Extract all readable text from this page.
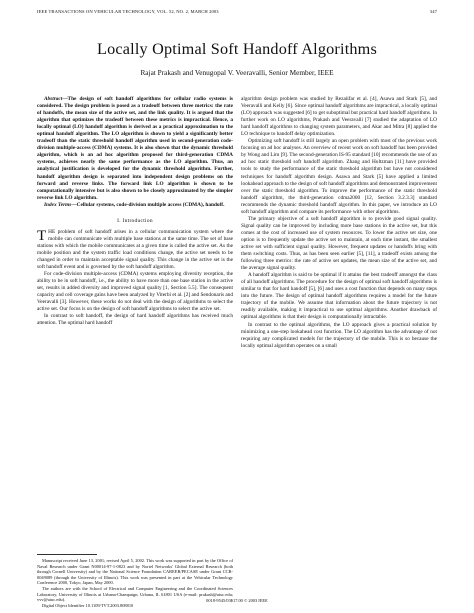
IEEE TRANSACTIONS ON VEHICULAR TECHNOLOGY, VOL. 52, NO. 2, MARCH 2003	347
Locally Optimal Soft Handoff Algorithms
Rajat Prakash and Venugopal V. Veeravalli, Senior Member, IEEE

Abstract—The design of soft handoff algorithms for cellular radio systems is considered. The design problem is posed as a tradeoff between three metrics: the rate of handoffs, the mean size of the active set, and the link quality. It is argued that the algorithm that optimizes the tradeoff between these metrics is impractical. Hence, a locally optimal (LO) handoff algorithm is derived as a practical approximation to the optimal handoff algorithm. The LO algorithm is shown to yield a significantly better tradeoff than the static threshold handoff algorithm used in second-generation code-division multiple-access (CDMA) systems. It is also shown that the dynamic threshold algorithm, which is an ad hoc algorithm proposed for third-generation CDMA systems, achieves nearly the same performance as the LO algorithm. Thus, an analytical justification is developed for the dynamic threshold algorithm. Further, handoff algorithm design is separated into independent design problems on the forward and reverse links. The forward link LO algorithm is shown to be computationally intensive but is also shown to be closely approximated by the simpler reverse link LO algorithm.

Index Terms—Cellular systems, code-division multiple access (CDMA), handoff.

I. Introduction

THE problem of soft handoff arises in a cellular communication system where the mobile can communicate with multiple base stations at the same time. The set of base stations with which the mobile communicates at a given time is called the active set. As the mobile position and the system traffic load conditions change, the active set needs to be changed in order to maintain acceptable signal quality. This change in the active set is the soft handoff event and is governed by the soft handoff algorithm.

For code-division multiple-access (CDMA) systems employing diversity reception, the ability to be in soft handoff, i.e., the ability to have more than one base station in the active set, results in added diversity and improved signal quality [1, Section 5.5]. The consequent capacity and cell coverage gains have been analyzed by Viterbi et al. [2] and Sendonaris and Veeravalli [3]. However, these works do not deal with the design of algorithms to select the active set. Our focus is on the design of soft handoff algorithms to select the active set.

In contrast to soft handoff, the design of hard handoff algorithms has received much attention. The optimal hard handoff

algorithm design problem was studied by Rezaiifar et al. [4], Asawa and Stark [5], and Veeravalli and Kelly [6]. Since optimal handoff algorithms are impractical, a locally optimal (LO) approach was suggested [6] to get suboptimal but practical hard handoff algorithms. In further work on LO algorithms, Prakash and Veeravalli [7] studied the adaptation of LO hard handoff algorithms to changing system parameters, and Akar and Mitra [8] applied the LO technique to handoff delay optimization.

Optimizing soft handoff is still largely an open problem with most of the previous work focusing on ad hoc analyses. An overview of recent work on soft handoff has been provided by Wong and Lim [9]. The second-generation IS-95 standard [10] recommends the use of an ad hoc static threshold soft handoff algorithm. Zhang and Holtzman [11] have provided tools to study the performance of the static threshold algorithm but have not considered techniques for handoff algorithm design. Asawa and Stark [5] have applied a limited lookahead approach to the design of soft handoff algorithms and demonstrated improvement over the static threshold algorithm. To improve the performance of the static threshold handoff algorithm, the third-generation cdma2000 [12, Section 3.2.3.3] standard recommends the dynamic threshold handoff algorithm. In this paper, we introduce an LO soft handoff algorithm and compare its performance with other algorithms.

The primary objective of a soft handoff algorithm is to provide good signal quality. Signal quality can be improved by including more base stations in the active set, but this comes at the cost of increased use of system resources. To lower the active set size, one option is to frequently update the active set to maintain, at each time instant, the smallest active set with sufficient signal quality. However, frequent updates or handoffs bring with them switching costs. Thus, as has been seen earlier [5], [11], a tradeoff exists among the following three metrics: the rate of active set updates, the mean size of the active set, and the average signal quality.

A handoff algorithm is said to be optimal if it attains the best tradeoff amongst the class of all handoff algorithms. The procedure for the design of optimal soft handoff algorithms is similar to that for hard handoff [5], [6] and uses a cost function that depends on many steps into the future. The design of optimal handoff algorithms requires a model for the future trajectory of the mobile. We assume that information about the future trajectory is not readily available, making it impractical to use optimal algorithms. Another drawback of optimal algorithms is that their design is computationally intractable.

In contrast to the optimal algorithms, the LO approach gives a practical solution by minimizing a one-step lookahead cost function. The LO algorithm has the advantage of not requiring any complicated models for the trajectory of the mobile. This is so because the locally optimal algorithm operates on a small

Manuscript received June 13, 2001; revised April 5, 2002. This work was supported in part by the Office of Naval Research under Grant N00014-97-1-0823 and by Nortel Networks' Global External Research (both through Cornell University) and by the National Science Foundation CAREER/PECASE under Grant CCR-0049089 (through the University of Illinois). This work was presented in part at the Vehicular Technology Conference 2000, Tokyo, Japan, May 2000.

The authors are with the School of Electrical and Computer Engineering and the Coordinated Sciences Laboratory, University of Illinois at Urbana-Champaign, Urbana, IL 61801 USA (e-mail: prakash@uiuc.edu; vvv@uiuc.edu).

Digital Object Identifier 10.1109/TVT.2003.808810

0018-9545/03$17.00 © 2003 IEEE
